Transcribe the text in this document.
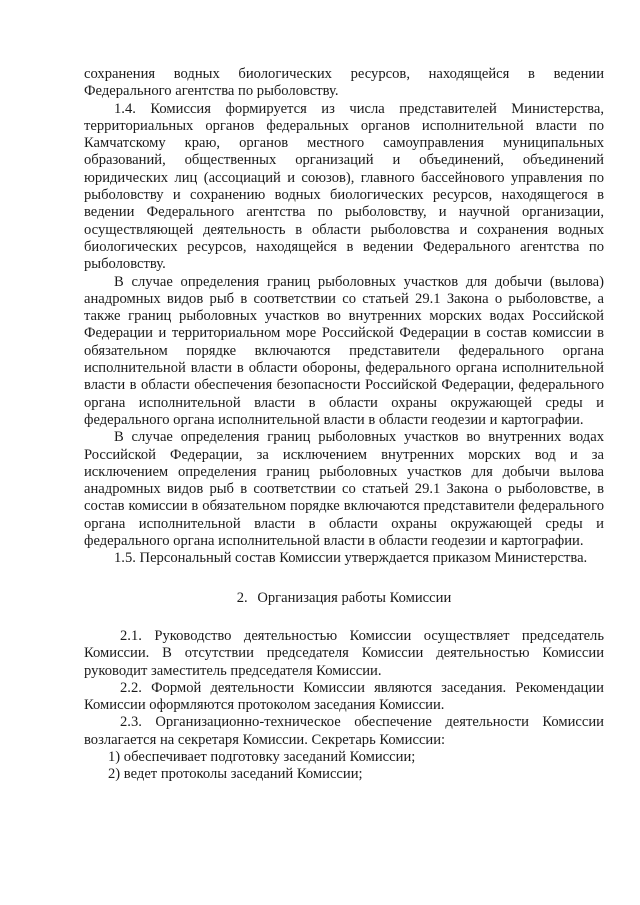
сохранения водных биологических ресурсов, находящейся в ведении Федерального агентства по рыболовству.

1.4. Комиссия формируется из числа представителей Министерства, территориальных органов федеральных органов исполнительной власти по Камчатскому краю, органов местного самоуправления муниципальных образований, общественных организаций и объединений, объединений юридических лиц (ассоциаций и союзов), главного бассейнового управления по рыболовству и сохранению водных биологических ресурсов, находящегося в ведении Федерального агентства по рыболовству, и научной организации, осуществляющей деятельность в области рыболовства и сохранения водных биологических ресурсов, находящейся в ведении Федерального агентства по рыболовству.

В случае определения границ рыболовных участков для добычи (вылова) анадромных видов рыб в соответствии со статьей 29.1 Закона о рыболовстве, а также границ рыболовных участков во внутренних морских водах Российской Федерации и территориальном море Российской Федерации в состав комиссии в обязательном порядке включаются представители федерального органа исполнительной власти в области обороны, федерального органа исполнительной власти в области обеспечения безопасности Российской Федерации, федерального органа исполнительной власти в области охраны окружающей среды и федерального органа исполнительной власти в области геодезии и картографии.

В случае определения границ рыболовных участков во внутренних водах Российской Федерации, за исключением внутренних морских вод и за исключением определения границ рыболовных участков для добычи вылова анадромных видов рыб в соответствии со статьей 29.1 Закона о рыболовстве, в состав комиссии в обязательном порядке включаются представители федерального органа исполнительной власти в области охраны окружающей среды и федерального органа исполнительной власти в области геодезии и картографии.

1.5. Персональный состав Комиссии утверждается приказом Министерства.

2. Организация работы Комиссии

2.1. Руководство деятельностью Комиссии осуществляет председатель Комиссии. В отсутствии председателя Комиссии деятельностью Комиссии руководит заместитель председателя Комиссии.

2.2. Формой деятельности Комиссии являются заседания. Рекомендации Комиссии оформляются протоколом заседания Комиссии.

2.3. Организационно-техническое обеспечение деятельности Комиссии возлагается на секретаря Комиссии. Секретарь Комиссии:

1) обеспечивает подготовку заседаний Комиссии;

2) ведет протоколы заседаний Комиссии;
